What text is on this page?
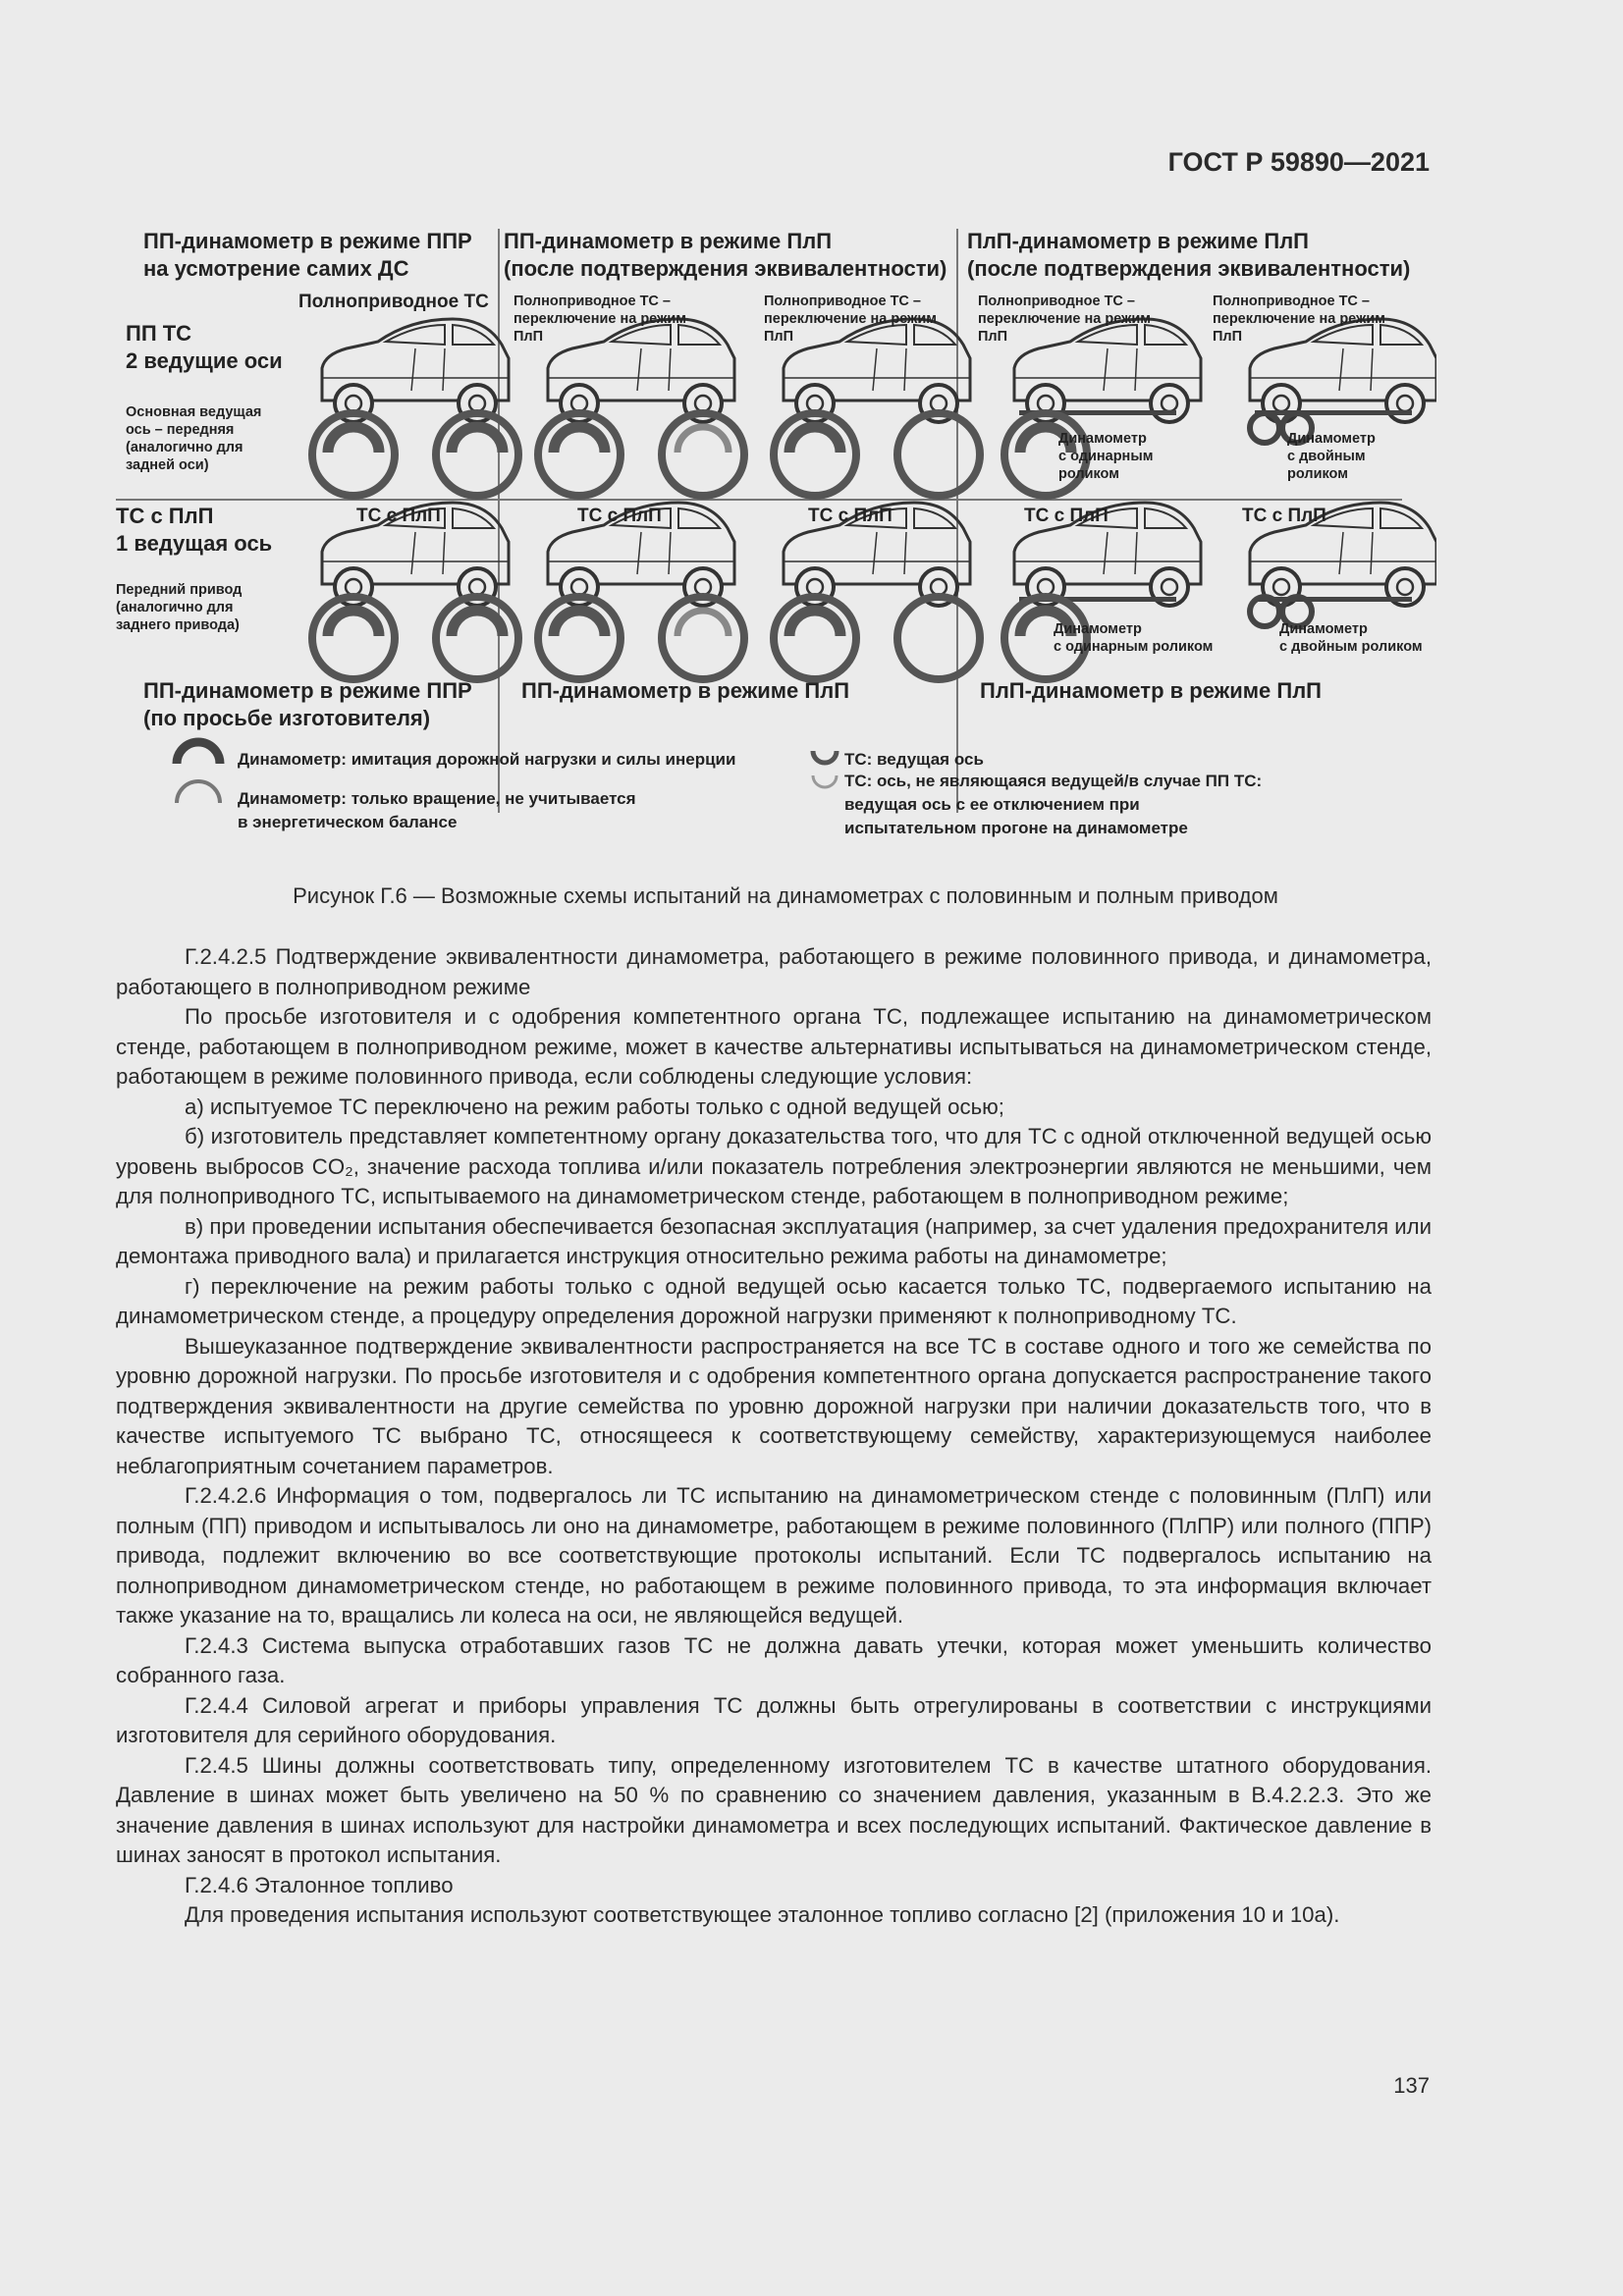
ГОСТ Р 59890—2021
ПП-динамометр в режиме ППР
на усмотрение самих ДС
ПП-динамометр в режиме ПлП
(после подтверждения эквивалентности)
ПлП-динамометр в режиме ПлП
(после подтверждения эквивалентности)
Полноприводное ТС Полноприводное ТС –
переключение на режим
ПлП
Полноприводное ТС –
переключение на режим
ПлП
Полноприводное ТС –
переключение на режим
ПлП
Полноприводное ТС –
переключение на режим
ПлП
ПП ТС
2 ведущие оси
Основная ведущая
ось – передняя
(аналогично для
задней оси)
Динамометр
с одинарным
роликом
Динамометр
с двойным
роликом
ТС с ПлП
1 ведущая ось
ТС с ПлП	ТС с ПлП	ТС с ПлП	ТС с ПлП	ТС с ПлП
Передний привод
(аналогично для
заднего привода)	Динамометр
с одинарным роликом
Динамометр
с двойным роликом
ПП-динамометр в режиме ППР
(по просьбе изготовителя)
ПП-динамометр в режиме ПлП	ПлП-динамометр в режиме ПлП
Динамометр: имитация дорожной нагрузки и силы инерции
Динамометр: только вращение, не учитывается
в энергетическом балансе
ТС: ведущая ось
ТС: ось, не являющаяся ведущей/в случае ПП ТС:
ведущая ось с ее отключением при
испытательном прогоне на динамометре
Рисунок Г.6 — Возможные схемы испытаний на динамометрах с половинным и полным приводом

Г.2.4.2.5 Подтверждение эквивалентности динамометра, работающего в режиме половинного привода, и динамометра, работающего в полноприводном режиме

По просьбе изготовителя и с одобрения компетентного органа ТС, подлежащее испытанию на динамометрическом стенде, работающем в полноприводном режиме, может в качестве альтернативы испытываться на динамометрическом стенде, работающем в режиме половинного привода, если соблюдены следующие условия:

а) испытуемое ТС переключено на режим работы только с одной ведущей осью;

б) изготовитель представляет компетентному органу доказательства того, что для ТС с одной отключенной ведущей осью уровень выбросов CO₂, значение расхода топлива и/или показатель потребления электроэнергии являются не меньшими, чем для полноприводного ТС, испытываемого на динамометрическом стенде, работающем в полноприводном режиме;

в) при проведении испытания обеспечивается безопасная эксплуатация (например, за счет удаления предохранителя или демонтажа приводного вала) и прилагается инструкция относительно режима работы на динамометре;

г) переключение на режим работы только с одной ведущей осью касается только ТС, подвергаемого испытанию на динамометрическом стенде, а процедуру определения дорожной нагрузки применяют к полноприводному ТС.

Вышеуказанное подтверждение эквивалентности распространяется на все ТС в составе одного и того же семейства по уровню дорожной нагрузки. По просьбе изготовителя и с одобрения компетентного органа допускается распространение такого подтверждения эквивалентности на другие семейства по уровню дорожной нагрузки при наличии доказательств того, что в качестве испытуемого ТС выбрано ТС, относящееся к соответствующему семейству, характеризующемуся наиболее неблагоприятным сочетанием параметров.

Г.2.4.2.6 Информация о том, подвергалось ли ТС испытанию на динамометрическом стенде с половинным (ПлП) или полным (ПП) приводом и испытывалось ли оно на динамометре, работающем в режиме половинного (ПлПР) или полного (ППР) привода, подлежит включению во все соответствующие протоколы испытаний. Если ТС подвергалось испытанию на полноприводном динамометрическом стенде, но работающем в режиме половинного привода, то эта информация включает также указание на то, вращались ли колеса на оси, не являющейся ведущей.

Г.2.4.3 Система выпуска отработавших газов ТС не должна давать утечки, которая может уменьшить количество собранного газа.

Г.2.4.4 Силовой агрегат и приборы управления ТС должны быть отрегулированы в соответствии с инструкциями изготовителя для серийного оборудования.

Г.2.4.5 Шины должны соответствовать типу, определенному изготовителем ТС в качестве штатного оборудования. Давление в шинах может быть увеличено на 50 % по сравнению со значением давления, указанным в В.4.2.2.3. Это же значение давления в шинах используют для настройки динамометра и всех последующих испытаний. Фактическое давление в шинах заносят в протокол испытания.

Г.2.4.6 Эталонное топливо

Для проведения испытания используют соответствующее эталонное топливо согласно [2] (приложения 10 и 10а).

137
